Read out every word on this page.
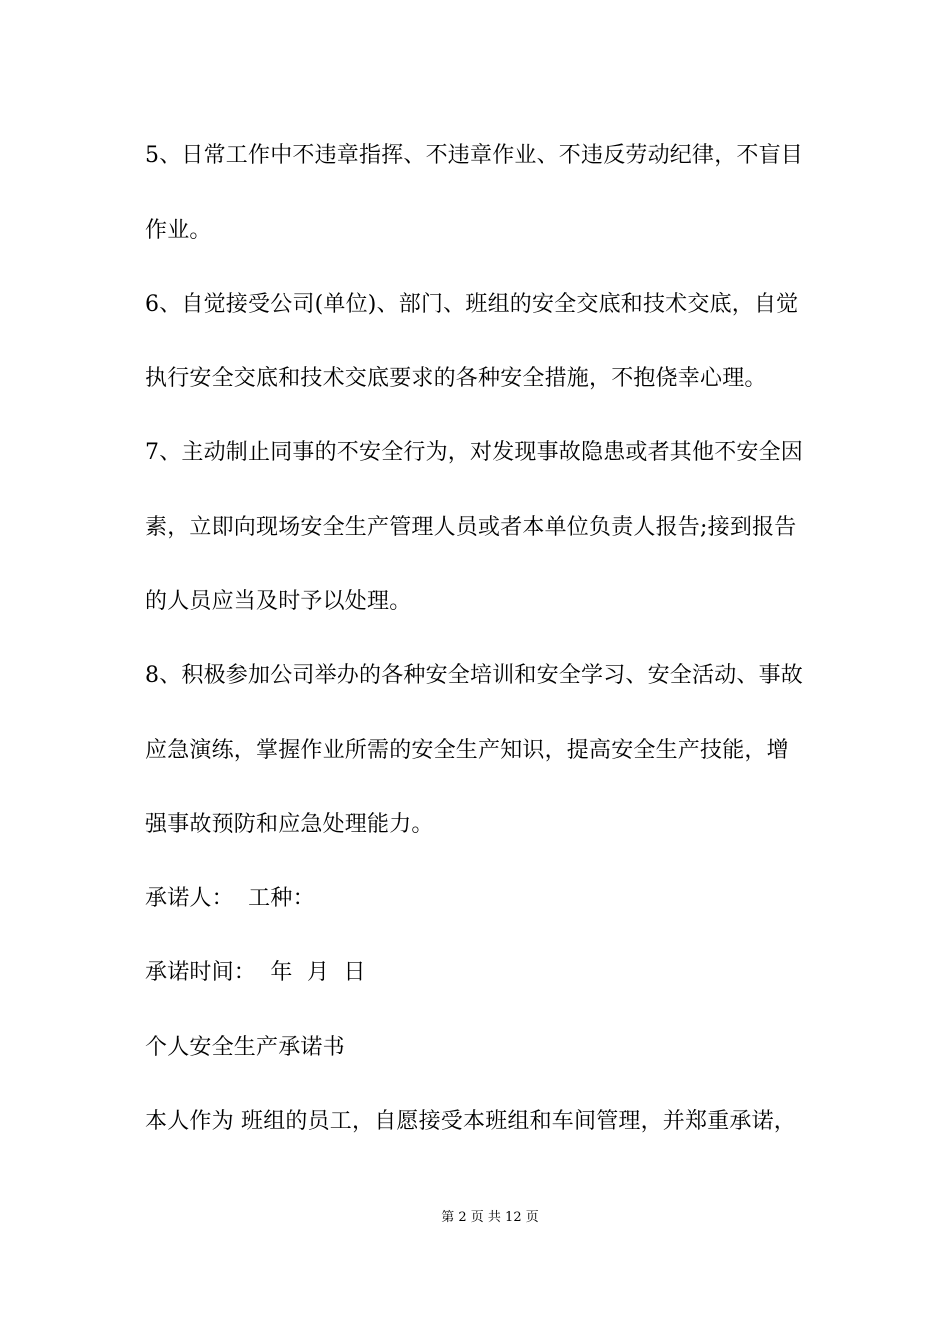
5、日常工作中不违章指挥、不违章作业、不违反劳动纪律，不盲目
作业。
6、自觉接受公司(单位)、部门、班组的安全交底和技术交底，自觉
执行安全交底和技术交底要求的各种安全措施，不抱侥幸心理。
7、主动制止同事的不安全行为，对发现事故隐患或者其他不安全因
素，立即向现场安全生产管理人员或者本单位负责人报告;接到报告
的人员应当及时予以处理。
8、积极参加公司举办的各种安全培训和安全学习、安全活动、事故
应急演练，掌握作业所需的安全生产知识，提高安全生产技能，增
强事故预防和应急处理能力。
承诺人：  工种：
承诺时间：  年  月  日
个人安全生产承诺书
本人作为 班组的员工，自愿接受本班组和车间管理，并郑重承诺，
第 2 页 共 12 页
